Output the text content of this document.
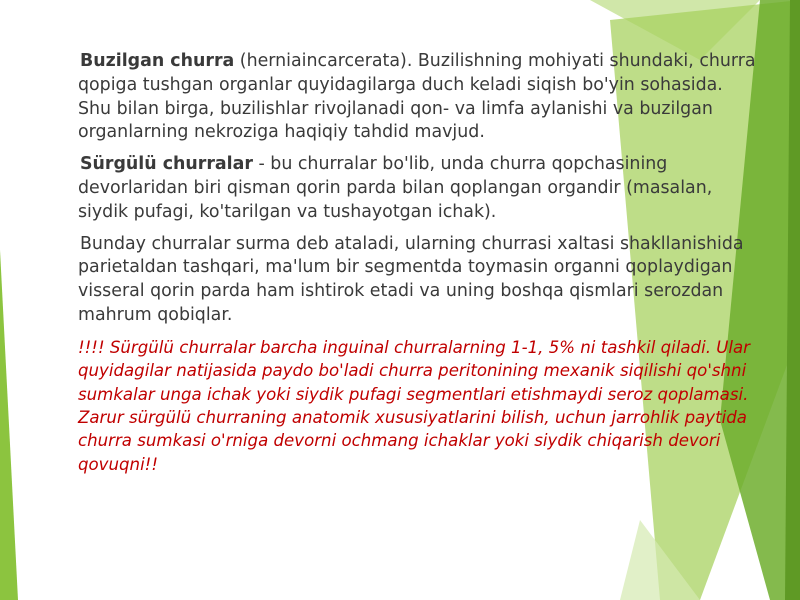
Buzilgan churra (herniaincarcerata). Buzilishning mohiyati shundaki, churra qopiga tushgan organlar quyidagilarga duch keladi siqish bo'yin sohasida. Shu bilan birga, buzilishlar rivojlanadi qon- va limfa aylanishi va buzilgan organlarning nekroziga haqiqiy tahdid mavjud.

Sürgülü churralar - bu churralar bo'lib, unda churra qopchasining devorlaridan biri qisman qorin parda bilan qoplangan organdir (masalan, siydik pufagi, ko'tarilgan va tushayotgan ichak).

Bunday churralar surma deb ataladi, ularning churrasi xaltasi shakllanishida parietaldan tashqari, ma'lum bir segmentda toymasin organni qoplaydigan visseral qorin parda ham ishtirok etadi va uning boshqa qismlari serozdan mahrum qobiqlar.

!!!! Sürgülü churralar barcha inguinal churralarning 1-1, 5% ni tashkil qiladi. Ular quyidagilar natijasida paydo bo'ladi churra peritonining mexanik siqilishi qo'shni sumkalar unga ichak yoki siydik pufagi segmentlari etishmaydi seroz qoplamasi. Zarur sürgülü churraning anatomik xususiyatlarini bilish, uchun jarrohlik paytida churra sumkasi o'rniga devorni ochmang ichaklar yoki siydik chiqarish devori qovuqni!!
